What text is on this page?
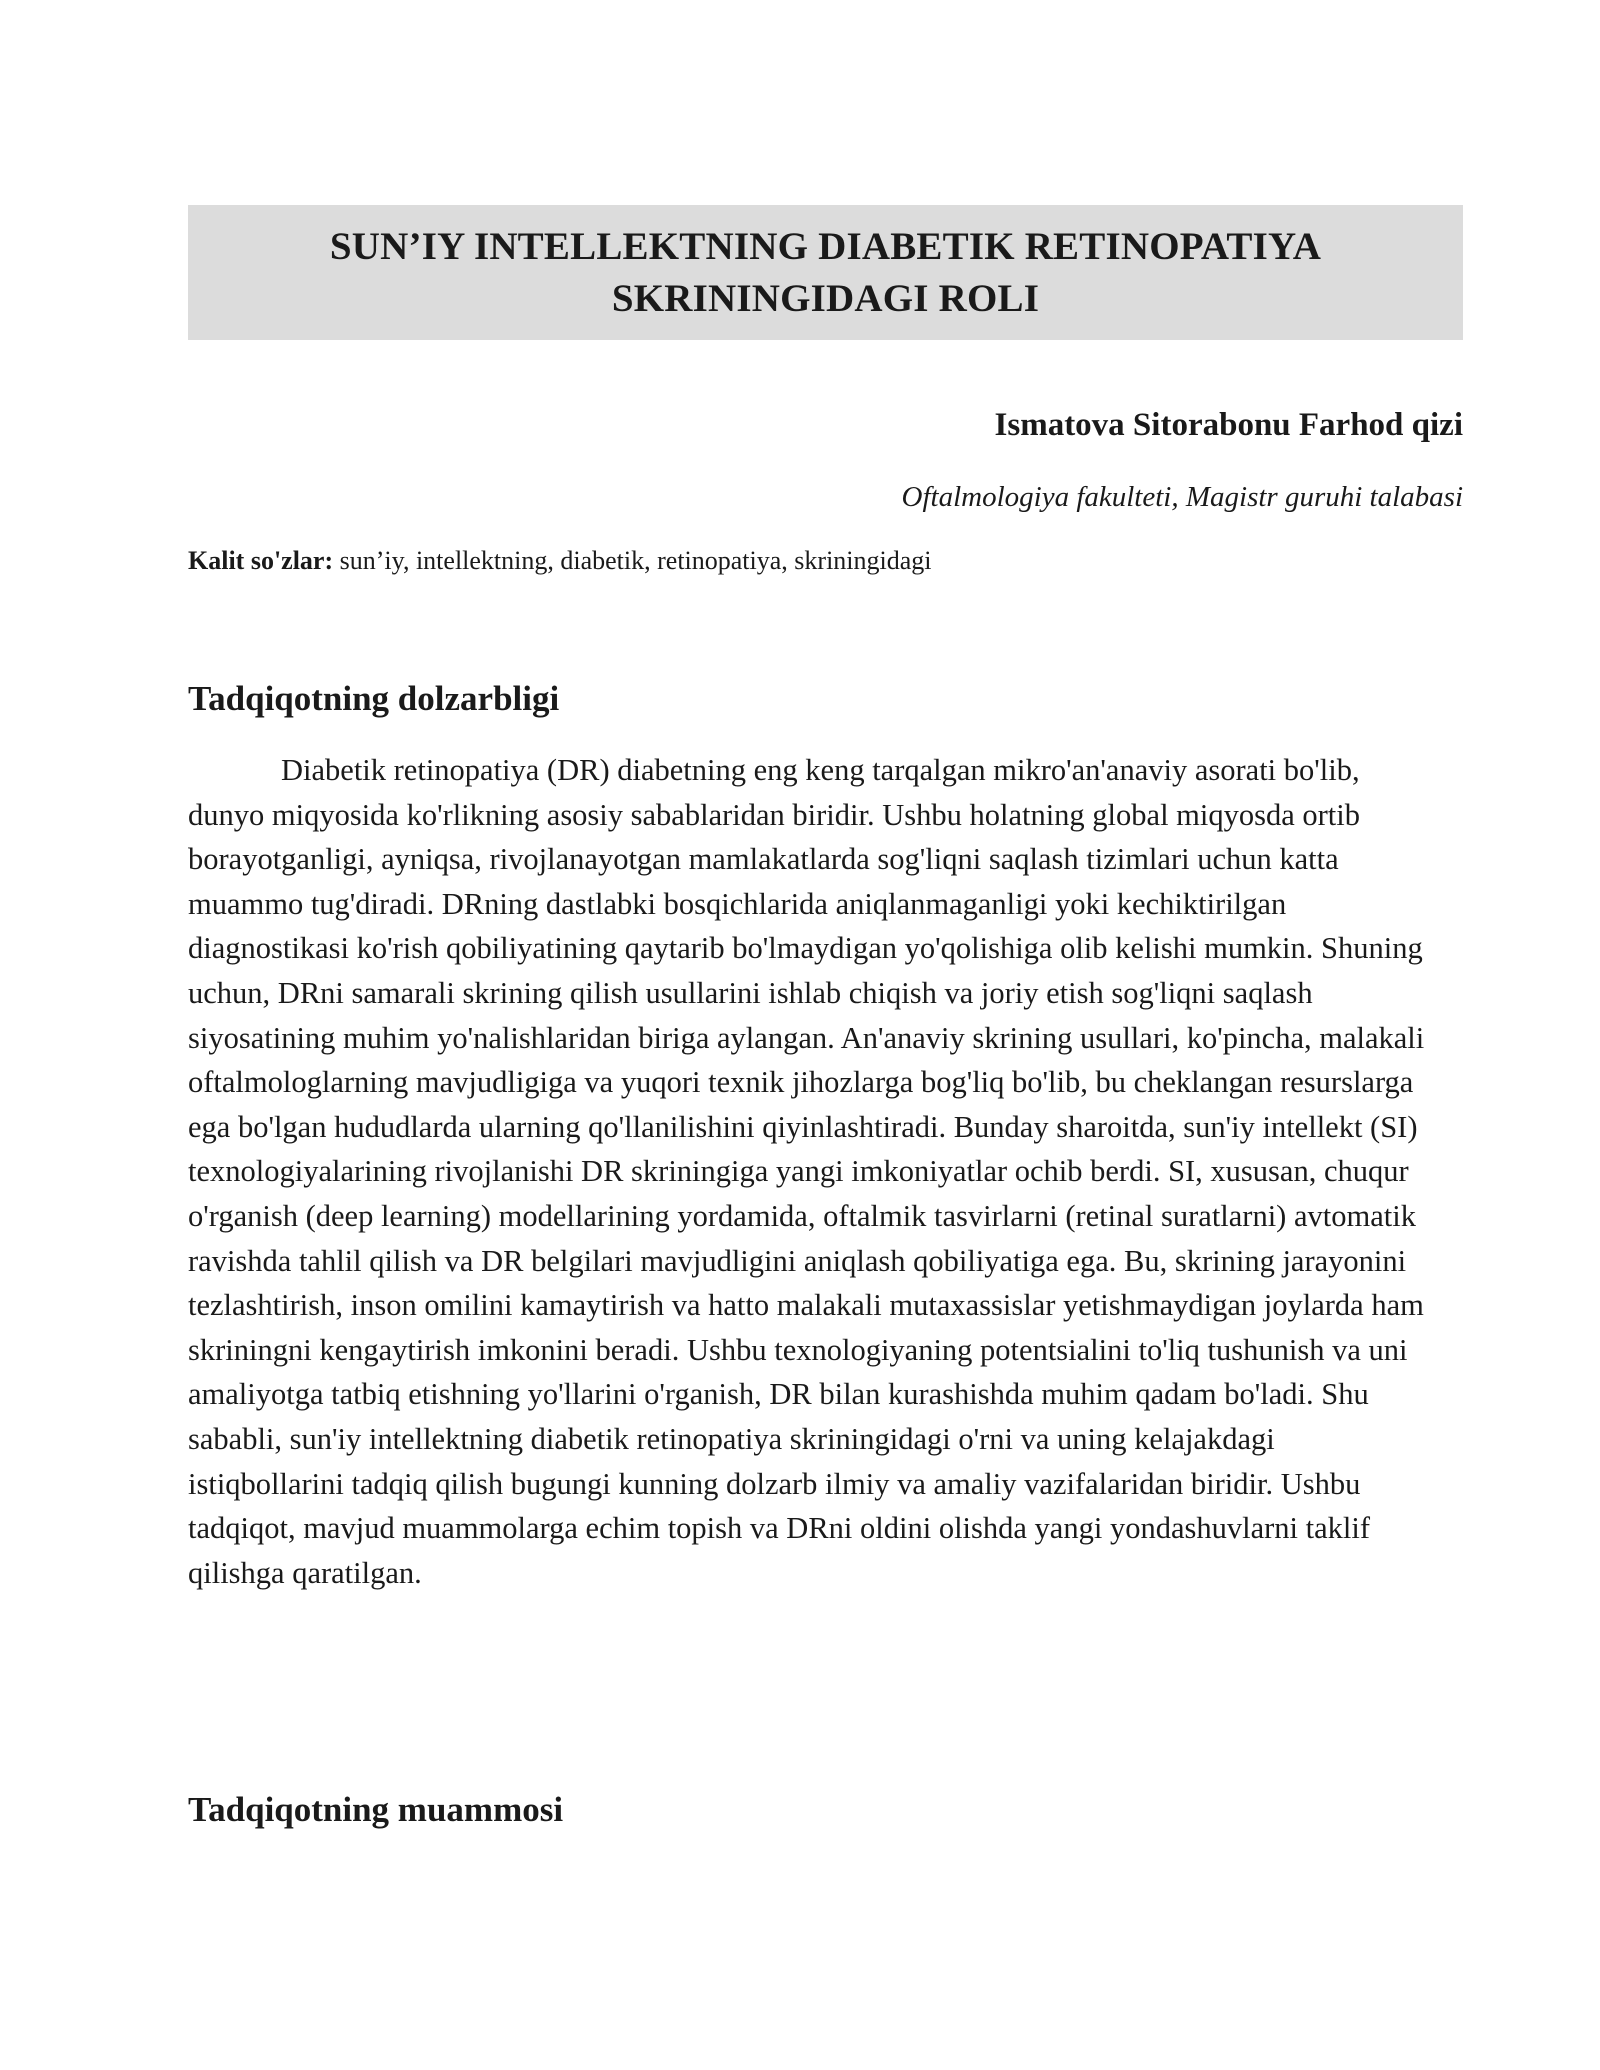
SUN’IY INTELLEKTNING DIABETIK RETINOPATIYA
SKRININGIDAGI ROLI
Ismatova Sitorabonu Farhod qizi
Oftalmologiya fakulteti, Magistr guruhi talabasi
Kalit so'zlar: sun’iy, intellektning, diabetik, retinopatiya, skriningidagi
Tadqiqotning dolzarbligi
Diabetik retinopatiya (DR) diabetning eng keng tarqalgan mikro'an'anaviy asorati bo'lib, dunyo miqyosida ko'rlikning asosiy sabablaridan biridir. Ushbu holatning global miqyosda ortib borayotganligi, ayniqsa, rivojlanayotgan mamlakatlarda sog'liqni saqlash tizimlari uchun katta muammo tug'diradi. DRning dastlabki bosqichlarida aniqlanmaganligi yoki kechiktirilgan diagnostikasi ko'rish qobiliyatining qaytarib bo'lmaydigan yo'qolishiga olib kelishi mumkin. Shuning uchun, DRni samarali skrining qilish usullarini ishlab chiqish va joriy etish sog'liqni saqlash siyosatining muhim yo'nalishlaridan biriga aylangan. An'anaviy skrining usullari, ko'pincha, malakali oftalmologlarning mavjudligiga va yuqori texnik jihozlarga bog'liq bo'lib, bu cheklangan resurslarga ega bo'lgan hududlarda ularning qo'llanilishini qiyinlashtiradi. Bunday sharoitda, sun'iy intellekt (SI) texnologiyalarining rivojlanishi DR skriningiga yangi imkoniyatlar ochib berdi. SI, xususan, chuqur o'rganish (deep learning) modellarining yordamida, oftalmik tasvirlarni (retinal suratlarni) avtomatik ravishda tahlil qilish va DR belgilari mavjudligini aniqlash qobiliyatiga ega. Bu, skrining jarayonini tezlashtirish, inson omilini kamaytirish va hatto malakali mutaxassislar yetishmaydigan joylarda ham skriningni kengaytirish imkonini beradi. Ushbu texnologiyaning potentsialini to'liq tushunish va uni amaliyotga tatbiq etishning yo'llarini o'rganish, DR bilan kurashishda muhim qadam bo'ladi. Shu sababli, sun'iy intellektning diabetik retinopatiya skriningidagi o'rni va uning kelajakdagi istiqbollarini tadqiq qilish bugungi kunning dolzarb ilmiy va amaliy vazifalaridan biridir. Ushbu tadqiqot, mavjud muammolarga echim topish va DRni oldini olishda yangi yondashuvlarni taklif qilishga qaratilgan.
Tadqiqotning muammosi
